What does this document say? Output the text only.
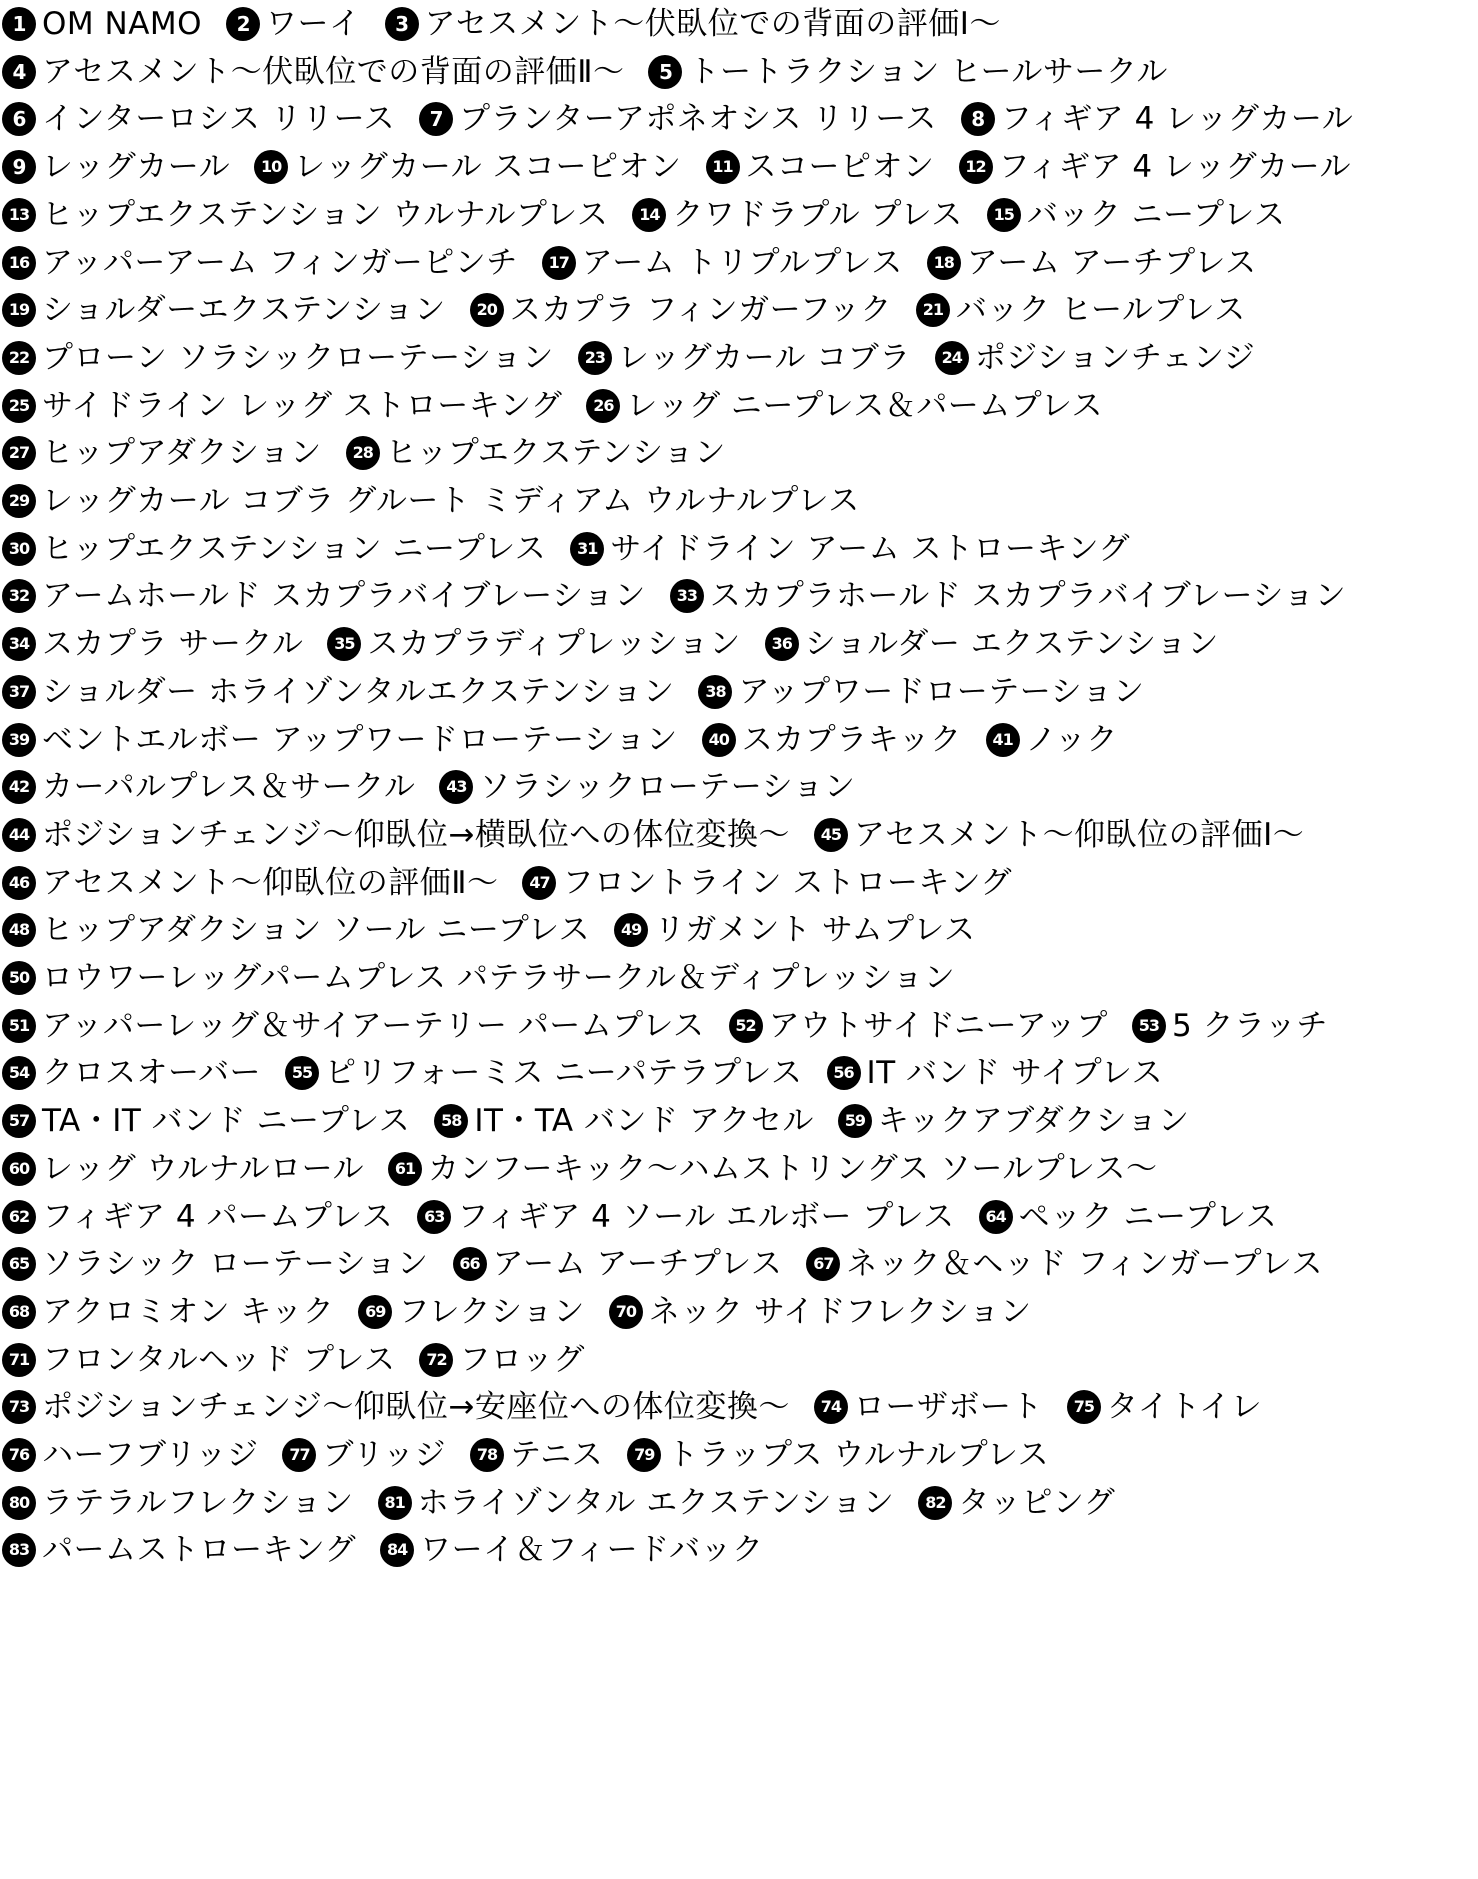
1 OM NAMO	2 ワーイ	3 アセスメント〜伏臥位での背面の評価Ⅰ〜
4 アセスメント〜伏臥位での背面の評価Ⅱ〜	5 トートラクション ヒールサークル
6 インターロシス リリース	7 プランターアポネオシス リリース	8 フィギア 4 レッグカール
9 レッグカール	10 レッグカール スコーピオン	11 スコーピオン	12 フィギア 4 レッグカール
13 ヒップエクステンション ウルナルプレス	14 クワドラプル プレス	15 バック ニープレス
16 アッパーアーム フィンガーピンチ	17 アーム トリプルプレス	18 アーム アーチプレス
19 ショルダーエクステンション	20 スカプラ フィンガーフック	21 バック ヒールプレス
22 プローン ソラシックローテーション	23 レッグカール コブラ	24 ポジションチェンジ
25 サイドライン レッグ ストローキング	26 レッグ ニープレス＆パームプレス
27 ヒップアダクション	28 ヒップエクステンション
29 レッグカール コブラ グルート ミディアム ウルナルプレス
30 ヒップエクステンション ニープレス	31 サイドライン アーム ストローキング
32 アームホールド スカプラバイブレーション	33 スカプラホールド スカプラバイブレーション
34 スカプラ サークル	35 スカプラディプレッション	36 ショルダー エクステンション
37 ショルダー ホライゾンタルエクステンション	38 アップワードローテーション
39 ベントエルボー アップワードローテーション	40 スカプラキック	41 ノック
42 カーパルプレス＆サークル	43 ソラシックローテーション
44 ポジションチェンジ〜仰臥位→横臥位への体位変換〜	45 アセスメント〜仰臥位の評価Ⅰ〜
46 アセスメント〜仰臥位の評価Ⅱ〜	47 フロントライン ストローキング
48 ヒップアダクション ソール ニープレス	49 リガメント サムプレス
50 ロウワーレッグパームプレス パテラサークル＆ディプレッション
51 アッパーレッグ＆サイアーテリー パームプレス	52 アウトサイドニーアップ	53 5 クラッチ
54 クロスオーバー	55 ピリフォーミス ニーパテラプレス	56 IT バンド サイプレス
57 TA・IT バンド ニープレス	58 IT・TA バンド アクセル	59 キックアブダクション
60 レッグ ウルナルロール	61 カンフーキック〜ハムストリングス ソールプレス〜
62 フィギア 4 パームプレス	63 フィギア 4 ソール エルボー プレス	64 ペック ニープレス
65 ソラシック ローテーション	66 アーム アーチプレス	67 ネック＆ヘッド フィンガープレス
68 アクロミオン キック	69 フレクション	70 ネック サイドフレクション
71 フロンタルヘッド プレス	72 フロッグ
73 ポジションチェンジ〜仰臥位→安座位への体位変換〜	74 ローザボート	75 タイトイレ
76 ハーフブリッジ	77 ブリッジ	78 テニス	79 トラップス ウルナルプレス
80 ラテラルフレクション	81 ホライゾンタル エクステンション	82 タッピング
83 パームストローキング	84 ワーイ＆フィードバック
